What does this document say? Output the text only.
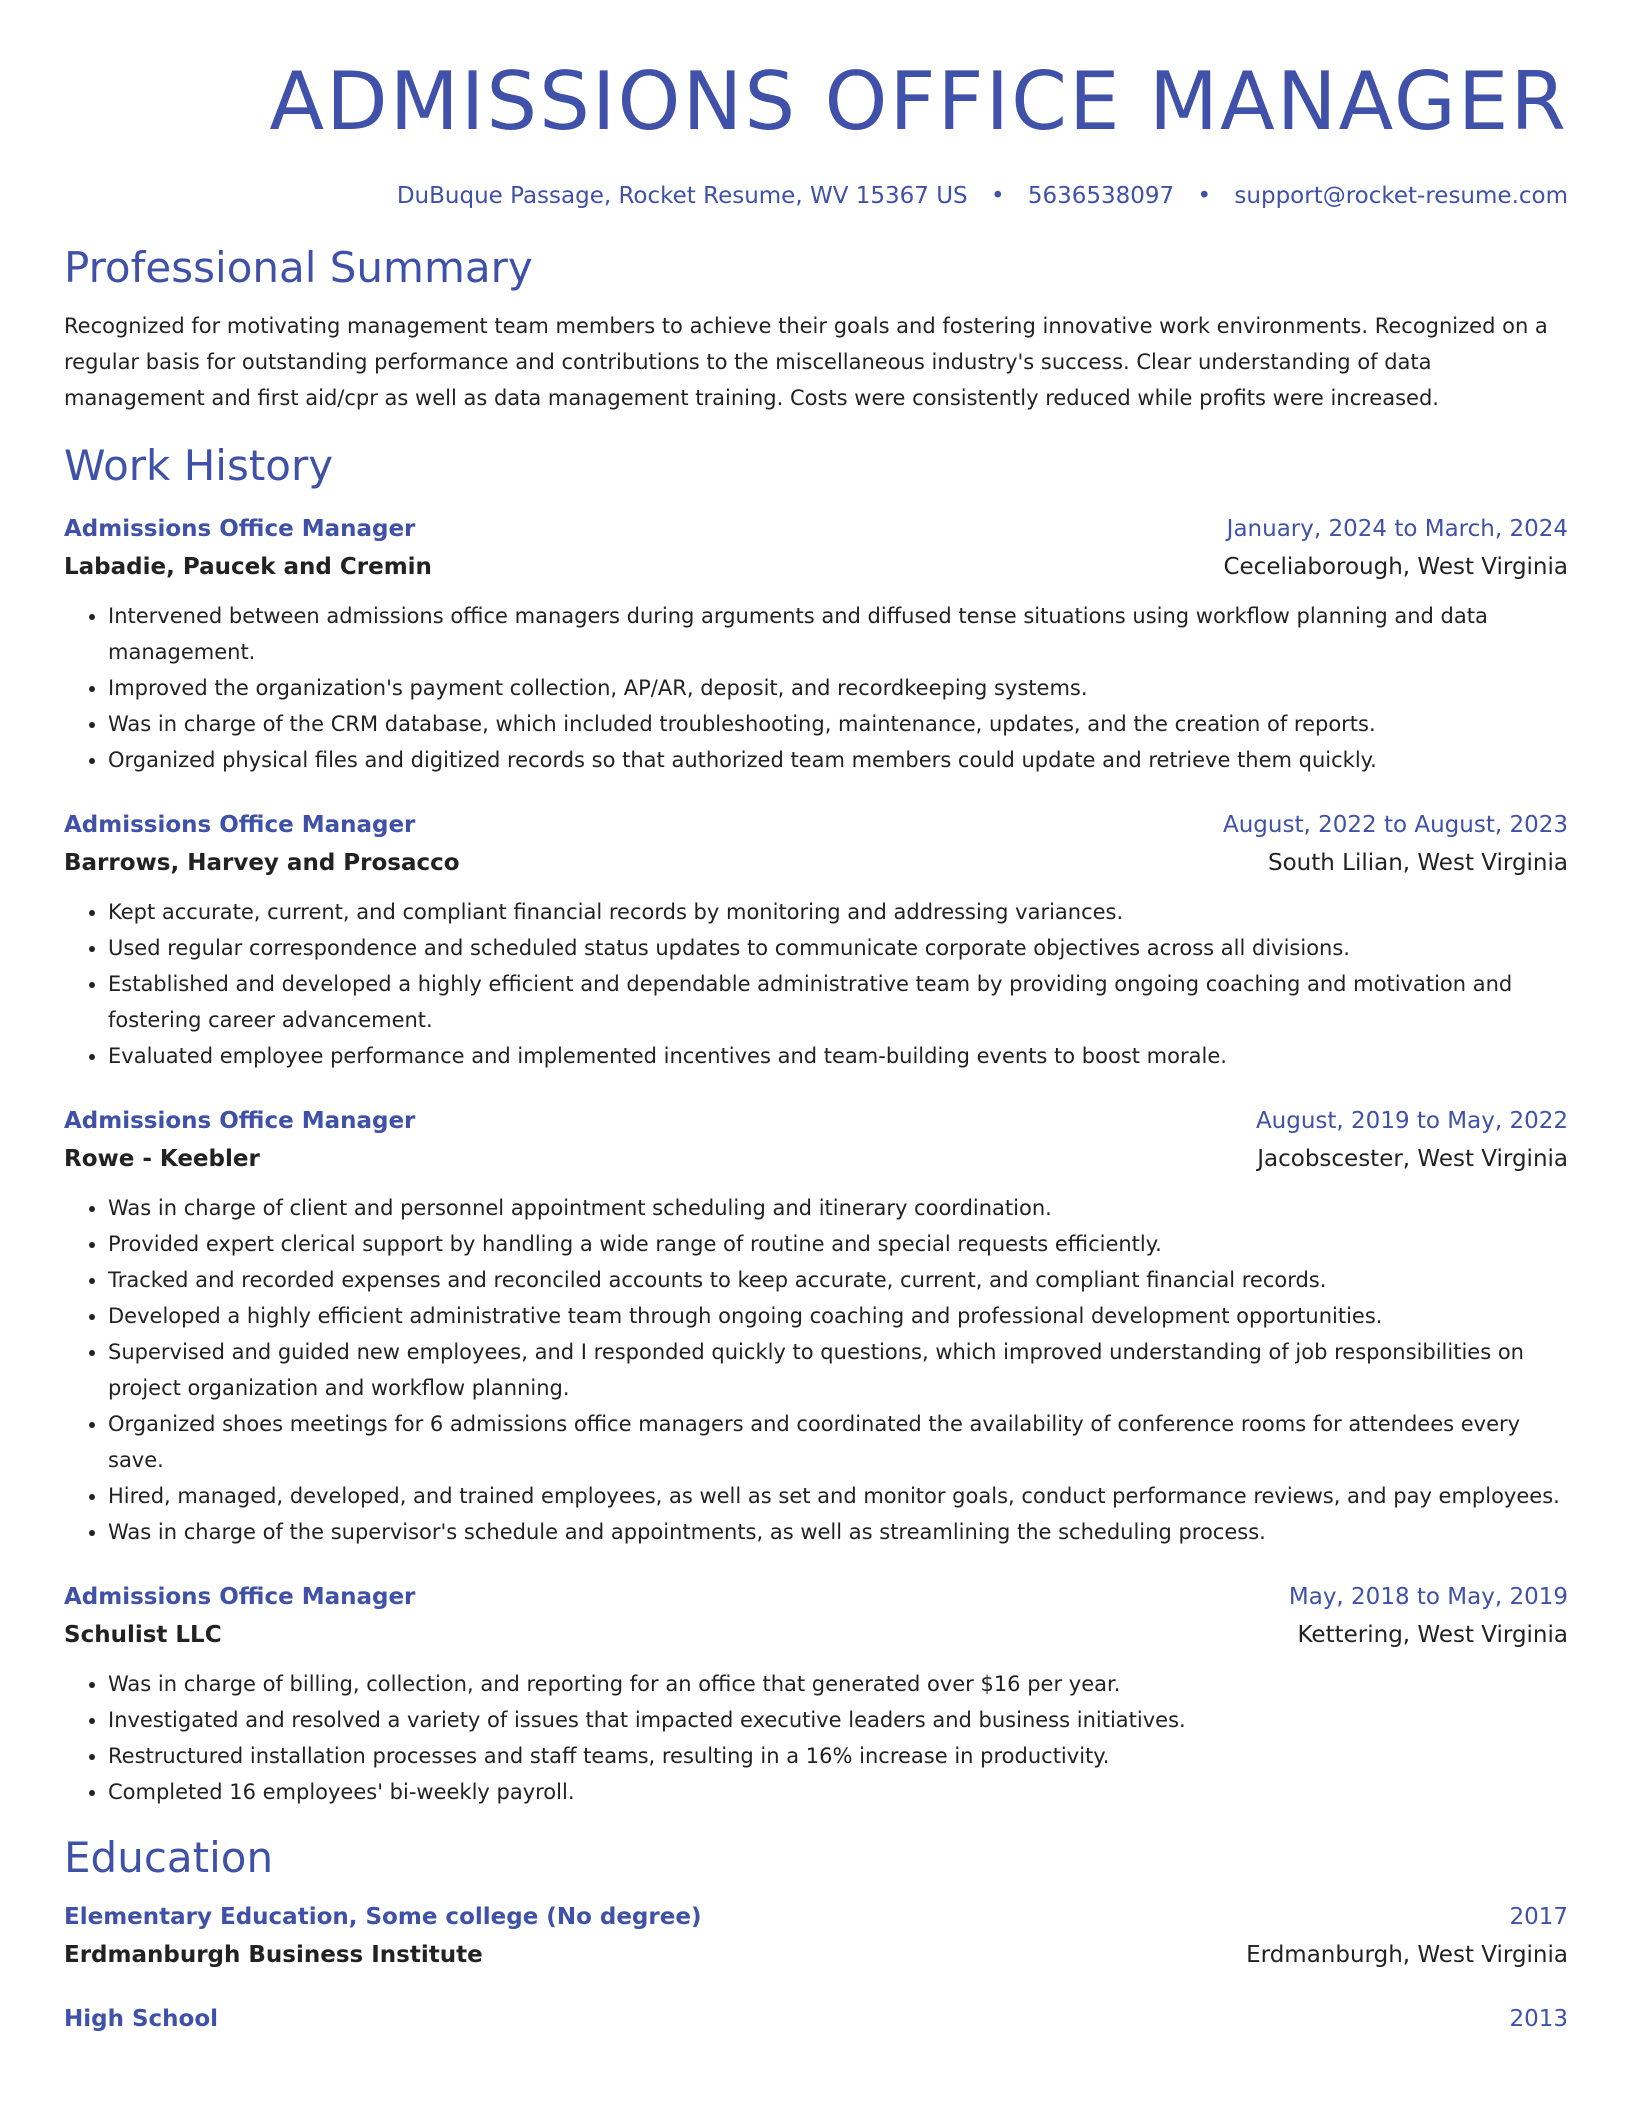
ADMISSIONS OFFICE MANAGER
DuBuque Passage, Rocket Resume, WV 15367 US • 5636538097 • support@rocket-resume.com
Professional Summary

Recognized for motivating management team members to achieve their goals and fostering innovative work environments. Recognized on a regular basis for outstanding performance and contributions to the miscellaneous industry's success. Clear understanding of data management and first aid/cpr as well as data management training. Costs were consistently reduced while profits were increased.

Work History
Admissions Office Manager	January, 2024 to March, 2024
Labadie, Paucek and Cremin	Ceceliaborough, West Virginia
• Intervened between admissions office managers during arguments and diffused tense situations using workflow planning and data management.
• Improved the organization's payment collection, AP/AR, deposit, and recordkeeping systems.
• Was in charge of the CRM database, which included troubleshooting, maintenance, updates, and the creation of reports.
• Organized physical files and digitized records so that authorized team members could update and retrieve them quickly.
Admissions Office Manager	August, 2022 to August, 2023
Barrows, Harvey and Prosacco	South Lilian, West Virginia
• Kept accurate, current, and compliant financial records by monitoring and addressing variances.
• Used regular correspondence and scheduled status updates to communicate corporate objectives across all divisions.
• Established and developed a highly efficient and dependable administrative team by providing ongoing coaching and motivation and fostering career advancement.
• Evaluated employee performance and implemented incentives and team-building events to boost morale.
Admissions Office Manager	August, 2019 to May, 2022
Rowe - Keebler	Jacobscester, West Virginia
• Was in charge of client and personnel appointment scheduling and itinerary coordination.
• Provided expert clerical support by handling a wide range of routine and special requests efficiently.
• Tracked and recorded expenses and reconciled accounts to keep accurate, current, and compliant financial records.
• Developed a highly efficient administrative team through ongoing coaching and professional development opportunities.
• Supervised and guided new employees, and I responded quickly to questions, which improved understanding of job responsibilities on project organization and workflow planning.
• Organized shoes meetings for 6 admissions office managers and coordinated the availability of conference rooms for attendees every save.
• Hired, managed, developed, and trained employees, as well as set and monitor goals, conduct performance reviews, and pay employees.
• Was in charge of the supervisor's schedule and appointments, as well as streamlining the scheduling process.
Admissions Office Manager	May, 2018 to May, 2019
Schulist LLC	Kettering, West Virginia
• Was in charge of billing, collection, and reporting for an office that generated over $16 per year.
• Investigated and resolved a variety of issues that impacted executive leaders and business initiatives.
• Restructured installation processes and staff teams, resulting in a 16% increase in productivity.
• Completed 16 employees' bi-weekly payroll.
Education
Elementary Education, Some college (No degree)	2017
Erdmanburgh Business Institute	Erdmanburgh, West Virginia
High School	2013
